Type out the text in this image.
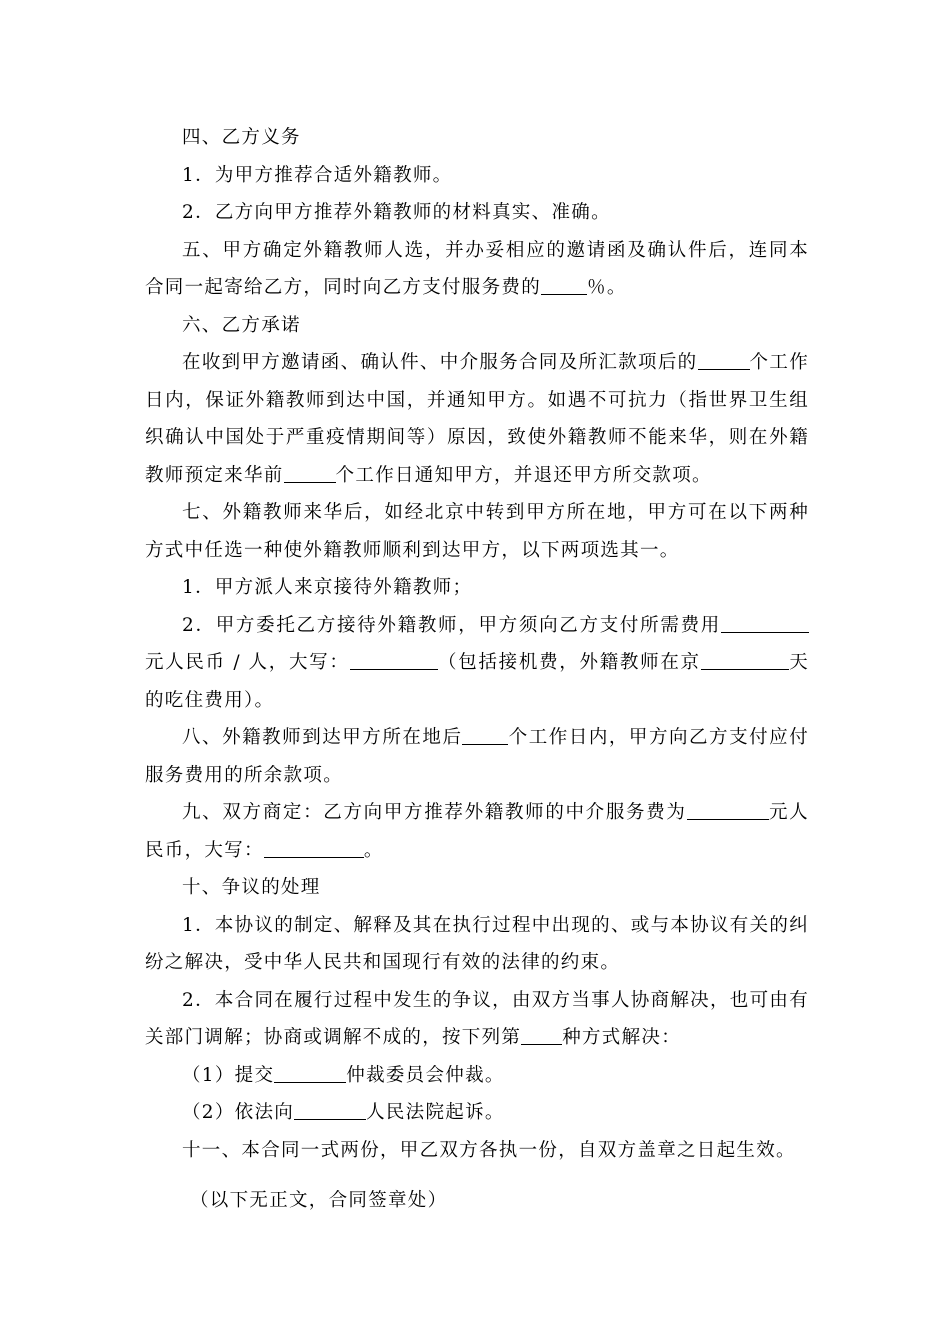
四、乙方义务

1．为甲方推荐合适外籍教师。

2．乙方向甲方推荐外籍教师的材料真实、准确。

五、甲方确定外籍教师人选，并办妥相应的邀请函及确认件后，连同本合同一起寄给乙方，同时向乙方支付服务费的 ％。

六、乙方承诺

在收到甲方邀请函、确认件、中介服务合同及所汇款项后的	个工作日内，保证外籍教师到达中国，并通知甲方。如遇不可抗力（指世界卫生组织确认中国处于严重疫情期间等）原因，致使外籍教师不能来华，则在外籍教师预定来华前	个工作日通知甲方，并退还甲方所交款项。

七、外籍教师来华后，如经北京中转到甲方所在地，甲方可在以下两种方式中任选一种使外籍教师顺利到达甲方，以下两项选其一。

1．甲方派人来京接待外籍教师；

2．甲方委托乙方接待外籍教师，甲方须向乙方支付所需费用元人民币 / 人，大写：	（包括接机费，外籍教师在京	天的吃住费用）。

八、外籍教师到达甲方所在地后 个工作日内，甲方向乙方支付应付服务费用的所余款项。

九、双方商定：乙方向甲方推荐外籍教师的中介服务费为	元人民币，大写：	。

十、争议的处理

1．本协议的制定、解释及其在执行过程中出现的、或与本协议有关的纠纷之解决，受中华人民共和国现行有效的法律的约束。

2．本合同在履行过程中发生的争议，由双方当事人协商解决，也可由有关部门调解；协商或调解不成的，按下列第 种方式解决：

（1）提交	仲裁委员会仲裁。

（2）依法向	人民法院起诉。

十一、本合同一式两份，甲乙双方各执一份，自双方盖章之日起生效。

（以下无正文，合同签章处）
